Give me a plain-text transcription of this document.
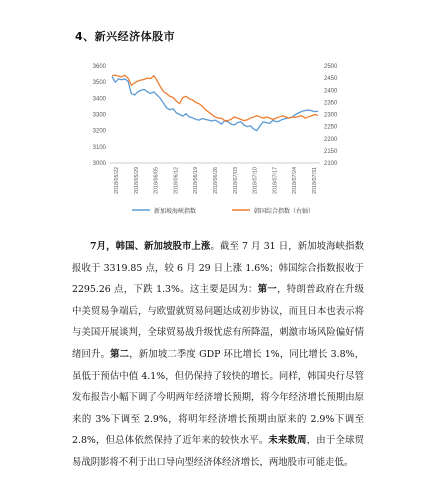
4、新兴经济体股市
3600
3500
3400
3300
3200
3100
3000
2500
2450
2400
2350
2300
2250
2200
2150
2100
2018/05/22	2018/05/29	2018/06/05	2018/06/12	2018/06/19	2018/06/26	2018/07/03	2018/07/10	2018/07/17	2018/07/24	2018/07/31
新加坡海峡指数	韩国综合指数（右轴）
7月，韩国、新加坡股市上涨。截至 7 月 31 日，新加坡海峡指数报收于 3319.85 点，较 6 月 29 日上涨 1.6%；韩国综合指数报收于 2295.26 点，下跌 1.3%。这主要是因为：第一，特朗普政府在升级中美贸易争端后，与欧盟就贸易问题达成初步协议，而且日本也表示将与美国开展谈判，全球贸易战升级忧虑有所降温，刺激市场风险偏好情绪回升。第二，新加坡二季度 GDP 环比增长 1%，同比增长 3.8%，虽低于预估中值 4.1%，但仍保持了较快的增长。同样，韩国央行尽管发布报告小幅下调了今明两年经济增长预期，将今年经济增长预期由原来的 3%下调至 2.9%，将明年经济增长预期由原来的 2.9%下调至 2.8%，但总体依然保持了近年来的较快水平。未来数周，由于全球贸易战阴影将不利于出口导向型经济体经济增长，两地股市可能走低。
